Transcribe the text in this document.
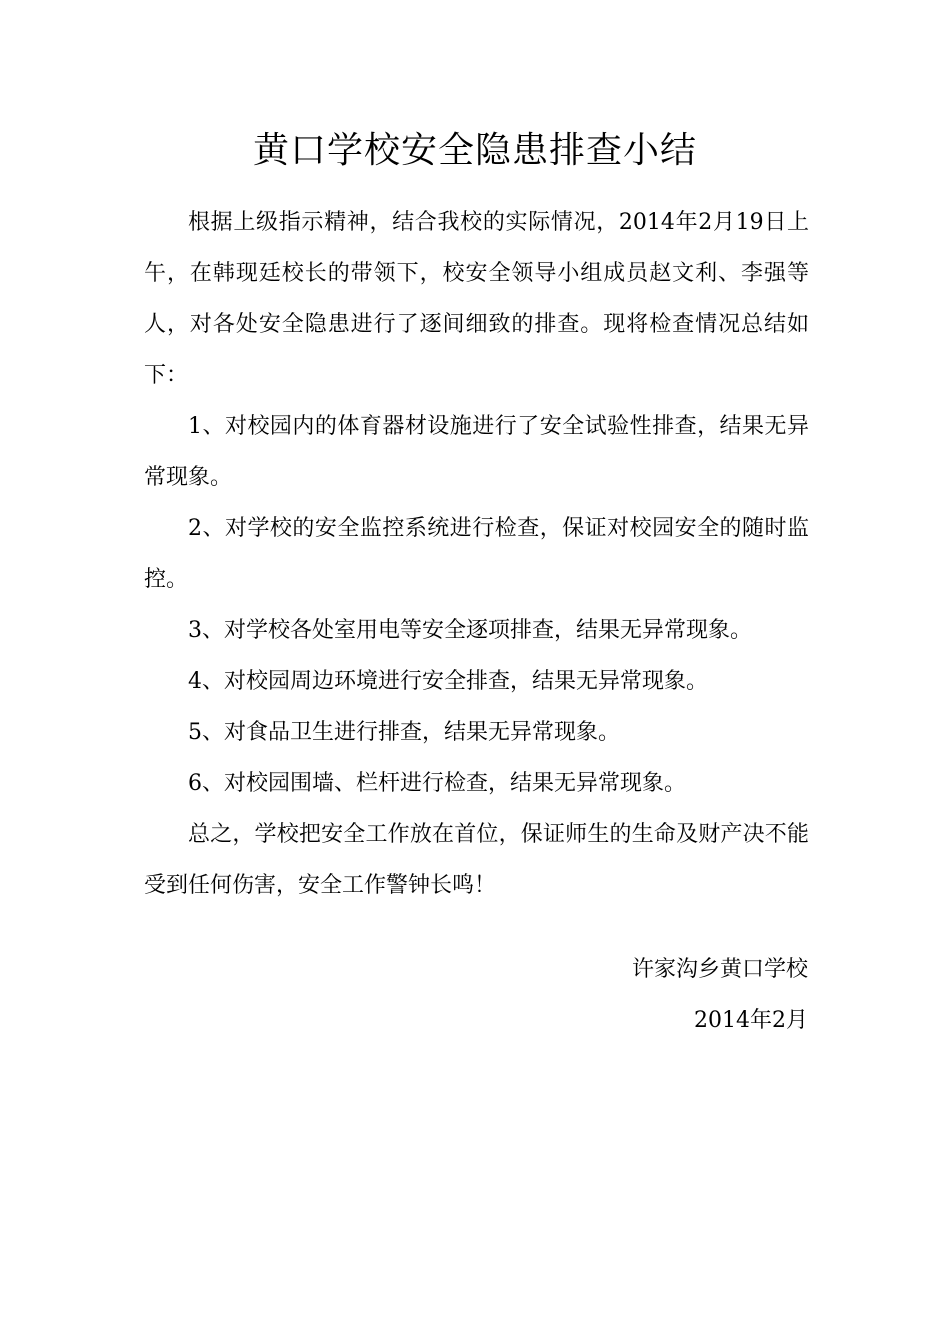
黄口学校安全隐患排查小结

根据上级指示精神，结合我校的实际情况，2014年2月19日上午，在韩现廷校长的带领下，校安全领导小组成员赵文利、李强等人，对各处安全隐患进行了逐间细致的排查。现将检查情况总结如下：

1、对校园内的体育器材设施进行了安全试验性排查，结果无异常现象。

2、对学校的安全监控系统进行检查，保证对校园安全的随时监控。

3、对学校各处室用电等安全逐项排查，结果无异常现象。

4、对校园周边环境进行安全排查，结果无异常现象。

5、对食品卫生进行排查，结果无异常现象。

6、对校园围墙、栏杆进行检查，结果无异常现象。

总之，学校把安全工作放在首位，保证师生的生命及财产决不能受到任何伤害，安全工作警钟长鸣！

许家沟乡黄口学校
2014年2月
